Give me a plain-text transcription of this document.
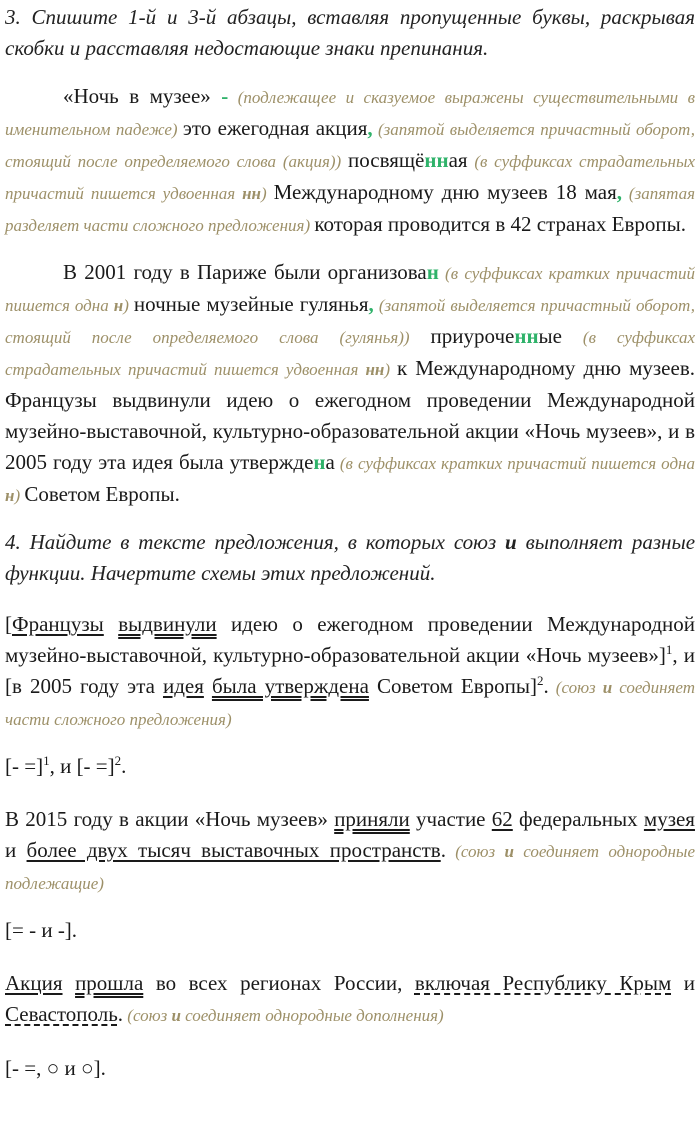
3. Спишите 1-й и 3-й абзацы, вставляя пропущенные буквы, раскрывая скобки и расставляя недостающие знаки препинания.

«Ночь в музее» - (подлежащее и сказуемое выражены существительными в именительном падеже) это ежегодная акция, (запятой выделяется причастный оборот, стоящий после определяемого слова (акция)) посвящённая (в суффиксах страдательных причастий пишется удвоенная нн) Международному дню музеев 18 мая, (запятая разделяет части сложного предложения) которая проводится в 42 странах Европы.

В 2001 году в Париже были организован (в суффиксах кратких причастий пишется одна н) ночные музейные гулянья, (запятой выделяется причастный оборот, стоящий после определяемого слова (гулянья)) приуроченные (в суффиксах страдательных причастий пишется удвоенная нн) к Международному дню музеев. Французы выдвинули идею о ежегодном проведении Международной музейно-выставочной, культурно-образовательной акции «Ночь музеев», и в 2005 году эта идея была утверждена (в суффиксах кратких причастий пишется одна н) Советом Европы.

4. Найдите в тексте предложения, в которых союз и выполняет разные функции. Начертите схемы этих предложений.

[Французы выдвинули идею о ежегодном проведении Международной музейно-выставочной, культурно-образовательной акции «Ночь музеев»]$^1$, и [в 2005 году эта идея была утверждена Советом Европы]$^2$. (союз и соединяет части сложного предложения)

[- =]$^1$, и [- =]$^2$.

В 2015 году в акции «Ночь музеев» приняли участие 62 федеральных музея и более двух тысяч выставочных пространств. (союз и соединяет однородные подлежащие)

[= - и -].

Акция прошла во всех регионах России, включая Республику Крым и Севастополь. (союз и соединяет однородные дополнения)

[- =, ○ и ○].
